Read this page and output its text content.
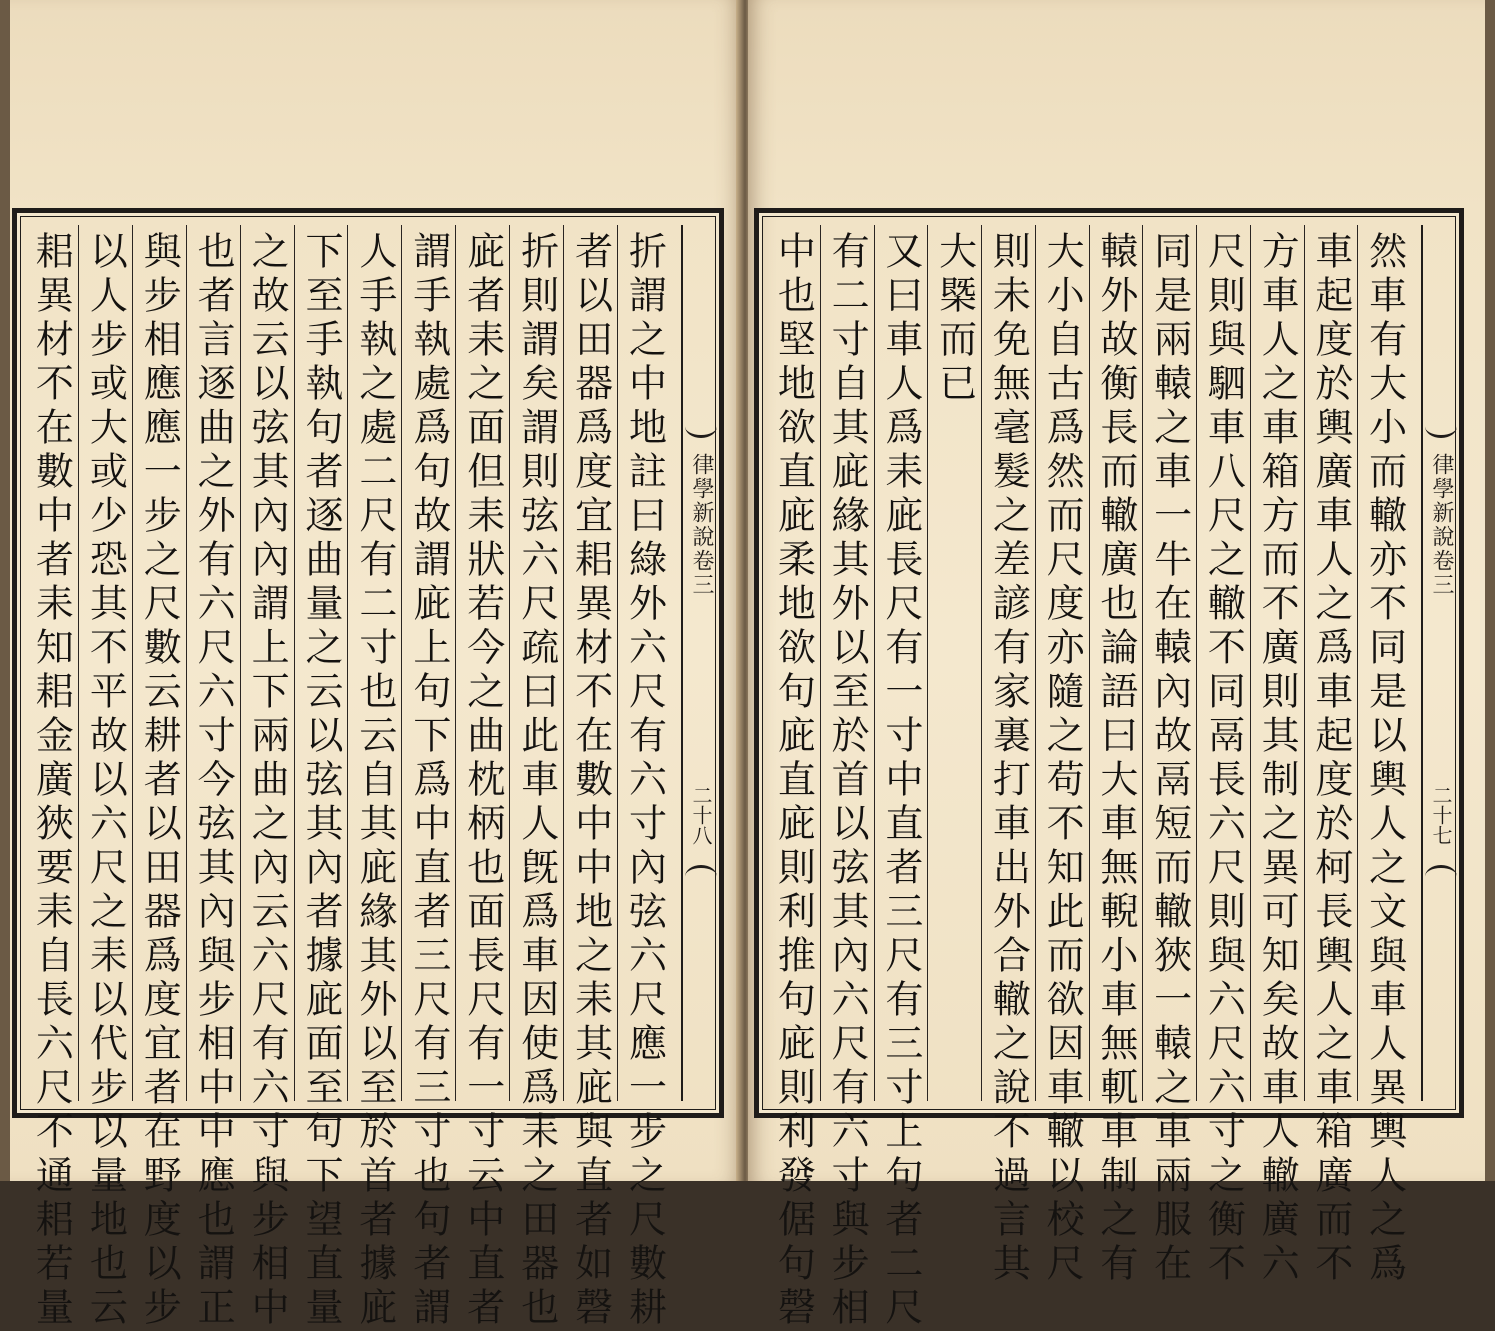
律學新說卷三
二十八
折謂之中地註曰綠外六尺有六寸內弦六尺應一步之尺數耕
者以田器爲度宜耜異材不在數中中地之耒其庛與直者如磬
折則謂矣謂則弦六尺疏曰此車人旣爲車因使爲耒之田器也
庛者耒之面但耒狀若今之曲枕柄也面長尺有一寸云中直者
謂手執處爲句故謂庛上句下爲中直者三尺有三寸也句者謂
人手執之處二尺有二寸也云自其庛緣其外以至於首者據庛
下至手執句者逐曲量之云以弦其內者據庛面至句下望直量
之故云以弦其內內謂上下兩曲之內云六尺有六寸與步相中
也者言逐曲之外有六尺六寸今弦其內與步相中中應也謂正
與步相應應一步之尺數云耕者以田器爲度宜者在野度以步
以人步或大或少恐其不平故以六尺之耒以代步以量地也云
耜異材不在數中者耒知耜金廣狹要耒自長六尺不通耜若量	律學新說卷三
二十七
然車有大小而轍亦不同是以輿人之文與車人異輿人之爲
車起度於輿廣車人之爲車起度於柯長輿人之車箱廣而不
方車人之車箱方而不廣則其制之異可知矣故車人轍廣六
尺則與駟車八尺之轍不同鬲長六尺則與六尺六寸之衡不
同是兩轅之車一牛在轅內故鬲短而轍狹一轅之車兩服在
轅外故衡長而轍廣也論語曰大車無輗小車無軏車制之有
大小自古爲然而尺度亦隨之苟不知此而欲因車轍以校尺
則未免無毫髮之差諺有家裏打車出外合轍之說不過言其
大槩而已
又曰車人爲耒庛長尺有一寸中直者三尺有三寸上句者二尺
有二寸自其庛緣其外以至於首以弦其內六尺有六寸與步相
中也堅地欲直庛柔地欲句庛直庛則利推句庛則利發倨句磬
